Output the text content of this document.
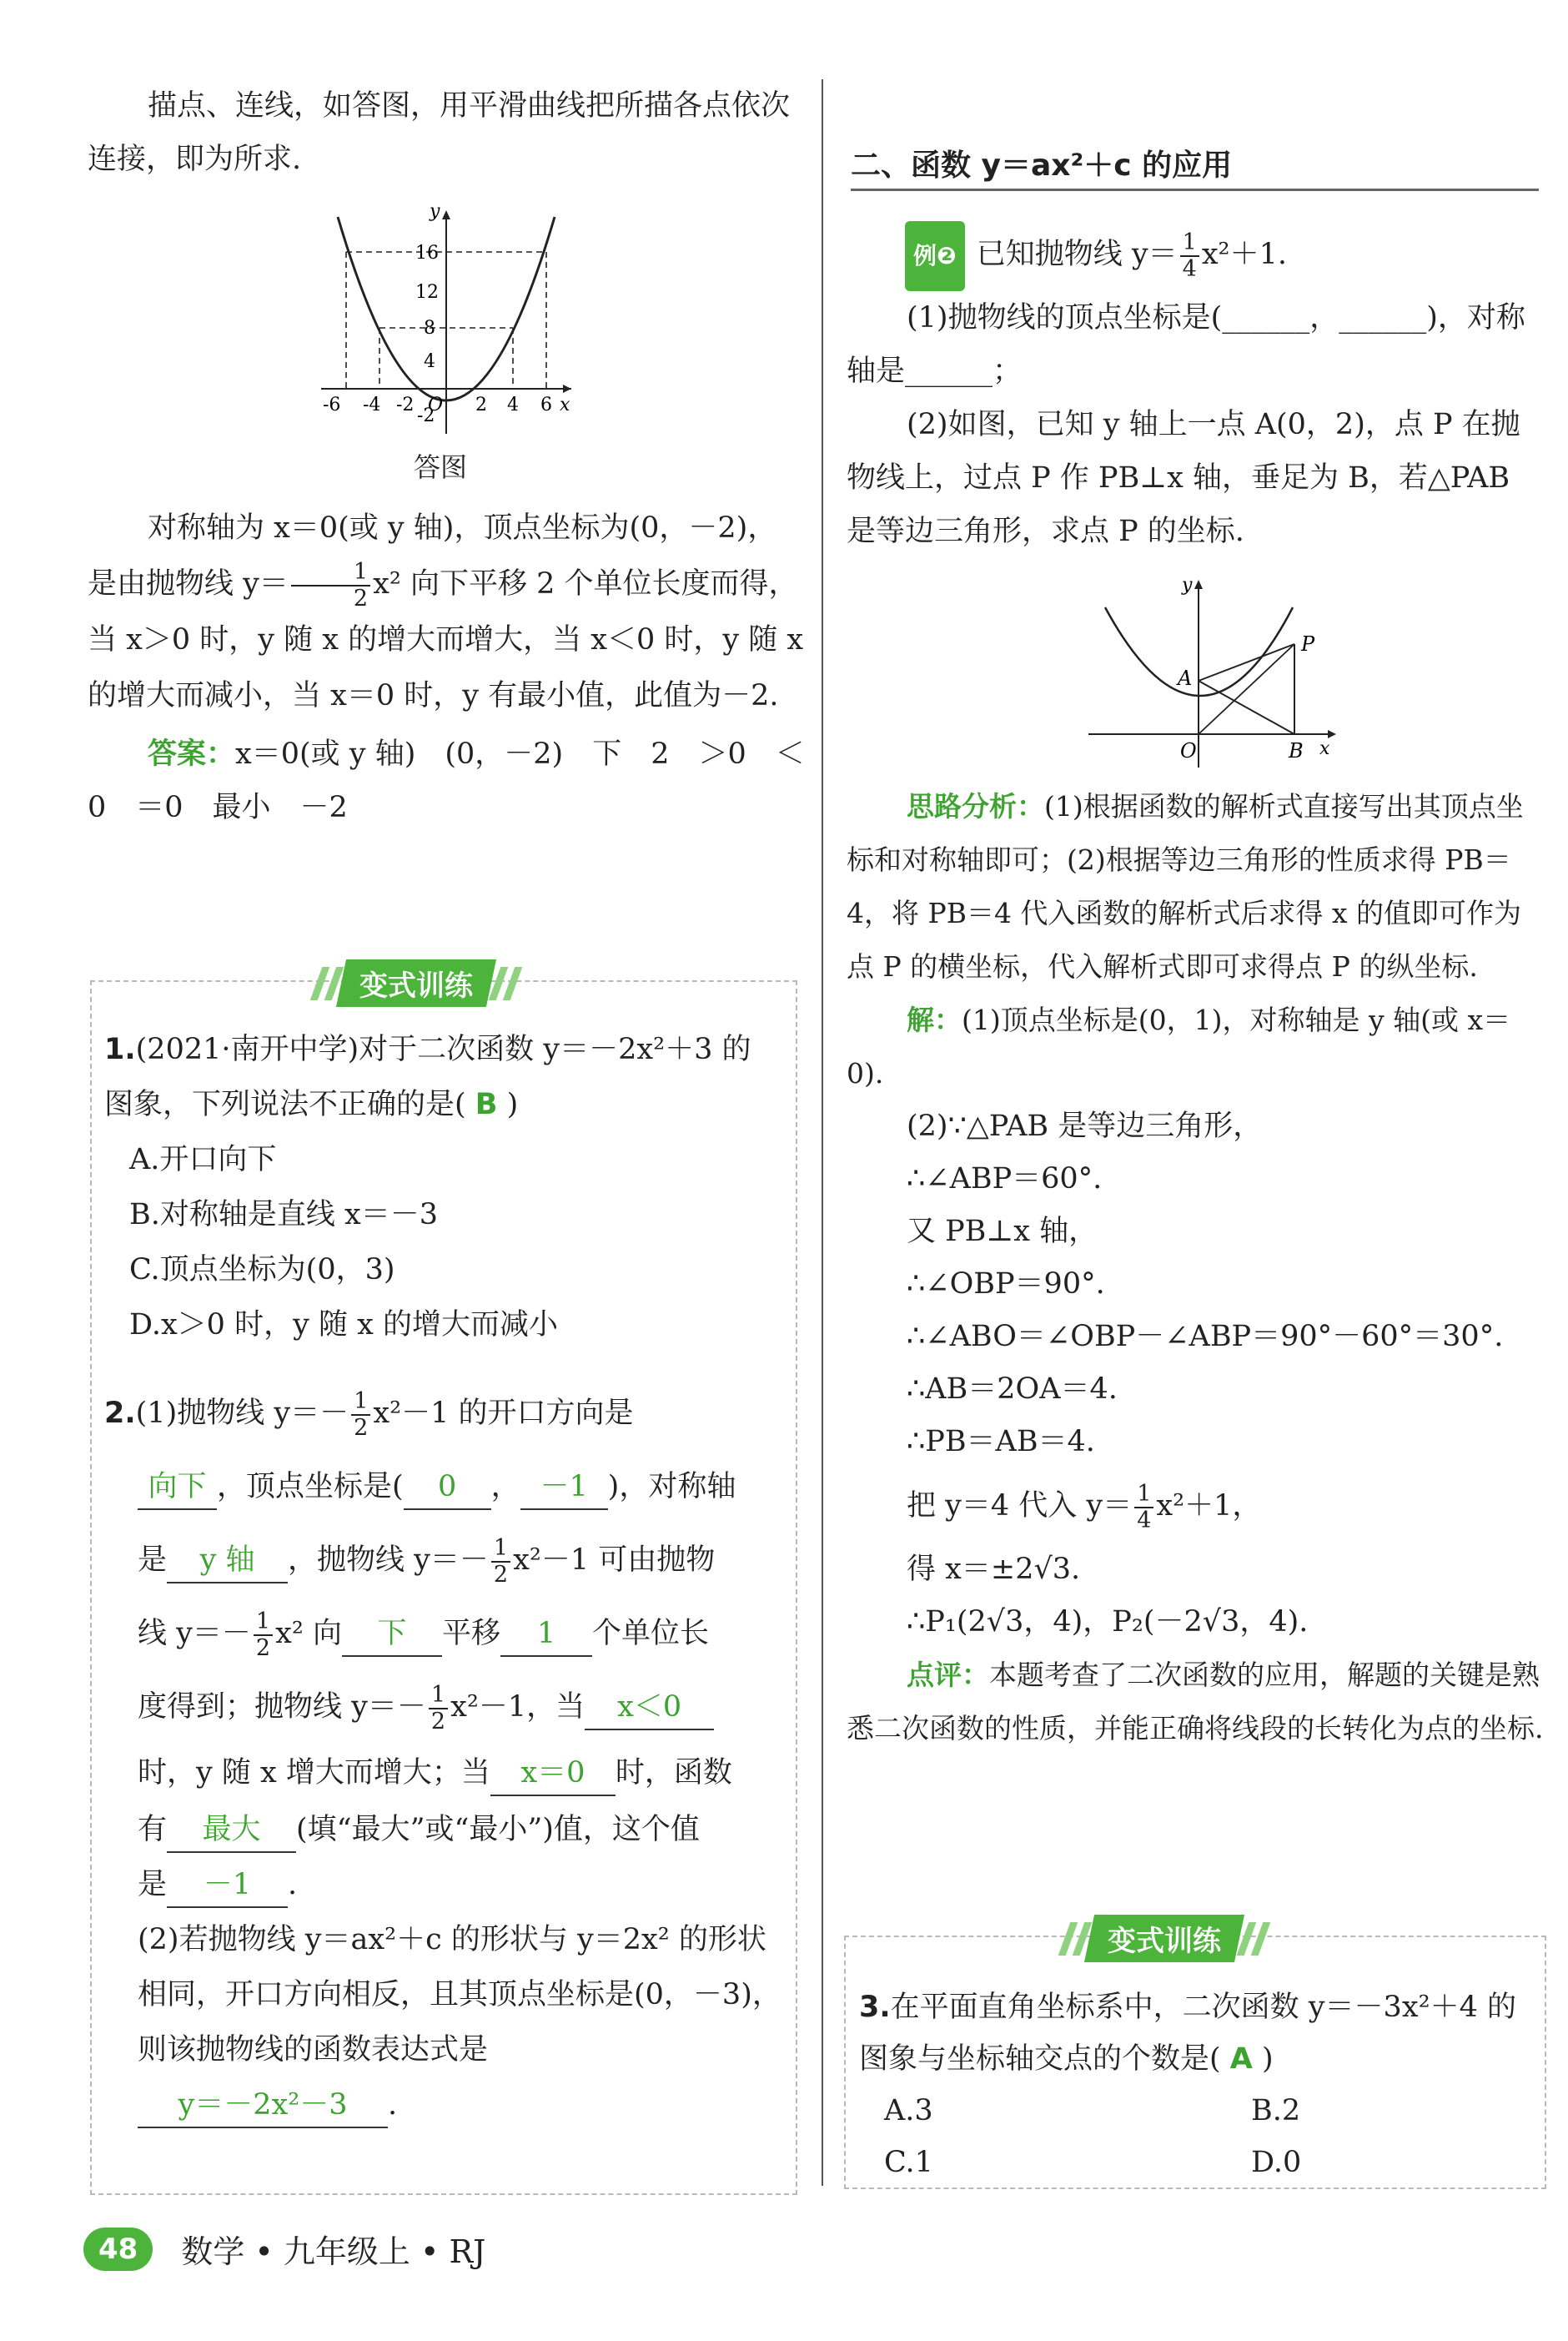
描点、连线，如答图，用平滑曲线把所描各点依次连接，即为所求.

16
12
8
4
-2
-6 -4 -2 O 2 4 6 x
y
答图

对称轴为 x＝0(或 y 轴)，顶点坐标为(0，－2)，是由抛物线 $y= \frac{1}{2} x^2$ 向下平移 2 个单位长度而得，当 x＞0 时，y 随 x 的增大而增大，当 x＜0 时，y 随 x 的增大而减小，当 x＝0 时，y 有最小值，此值为－2.

答案：x＝0(或 y 轴)　(0，－2)　下　2　＞0　＜0　＝0　最小　－2

变式训练
1.(2021·南开中学)对于二次函数 y＝－2x²＋3 的图象，下列说法不正确的是( B )
A.开口向下
B.对称轴是直线 x＝－3
C.顶点坐标为(0，3)
D.x＞0 时，y 随 x 的增大而减小
2.(1)抛物线 $y=- \frac{1}{2} x^2-1$ 的开口方向是
向下 ，顶点坐标是( 0 ， －1 )，对称轴
是 y 轴 ，抛物线 $y=- \frac{1}{2} x^2-1$ 可由抛物
线 $y=- \frac{1}{2} x^2$ 向 下 平移 1 个单位长
度得到；抛物线 $y=- \frac{1}{2} x^2-1$，当 x＜0
时，y 随 x 增大而增大；当 x＝0 时，函数
有 最大 (填“最大”或“最小”)值，这个值
是 －1 .
(2)若抛物线 y＝ax²＋c 的形状与 y＝2x² 的形状相同，开口方向相反，且其顶点坐标是(0，－3)，则该抛物线的函数表达式是
y＝－2x²－3 .
二、函数 y＝ax²＋c 的应用
例❷ 已知抛物线 $y= \frac{1}{4} x^2+1$.

(1)抛物线的顶点坐标是(______，______)，对称轴是______；

(2)如图，已知 y 轴上一点 A(0，2)，点 P 在抛物线上，过点 P 作 PB⊥x 轴，垂足为 B，若△PAB 是等边三角形，求点 P 的坐标.

y
x
A
P
O	B

思路分析：(1)根据函数的解析式直接写出其顶点坐标和对称轴即可；(2)根据等边三角形的性质求得 PB＝4，将 PB＝4 代入函数的解析式后求得 x 的值即可作为点 P 的横坐标，代入解析式即可求得点 P 的纵坐标.

解：(1)顶点坐标是(0，1)，对称轴是 y 轴(或 x＝0).

(2)∵△PAB 是等边三角形，
∴∠ABP＝60°.
又 PB⊥x 轴，
∴∠OBP＝90°.
∴∠ABO＝∠OBP－∠ABP＝90°－60°＝30°.
∴AB＝2OA＝4.
∴PB＝AB＝4.
把 y＝4 代入 $y= \frac{1}{4} x^2+1$，
得 x＝±2√3.
∴P₁(2√3，4)，P₂(－2√3，4).

点评：本题考查了二次函数的应用，解题的关键是熟悉二次函数的性质，并能正确将线段的长转化为点的坐标.

变式训练
3.在平面直角坐标系中，二次函数 y＝－3x²＋4 的图象与坐标轴交点的个数是( A )
A.3	B.2
C.1	D.0
48	数学 • 九年级上 • RJ
